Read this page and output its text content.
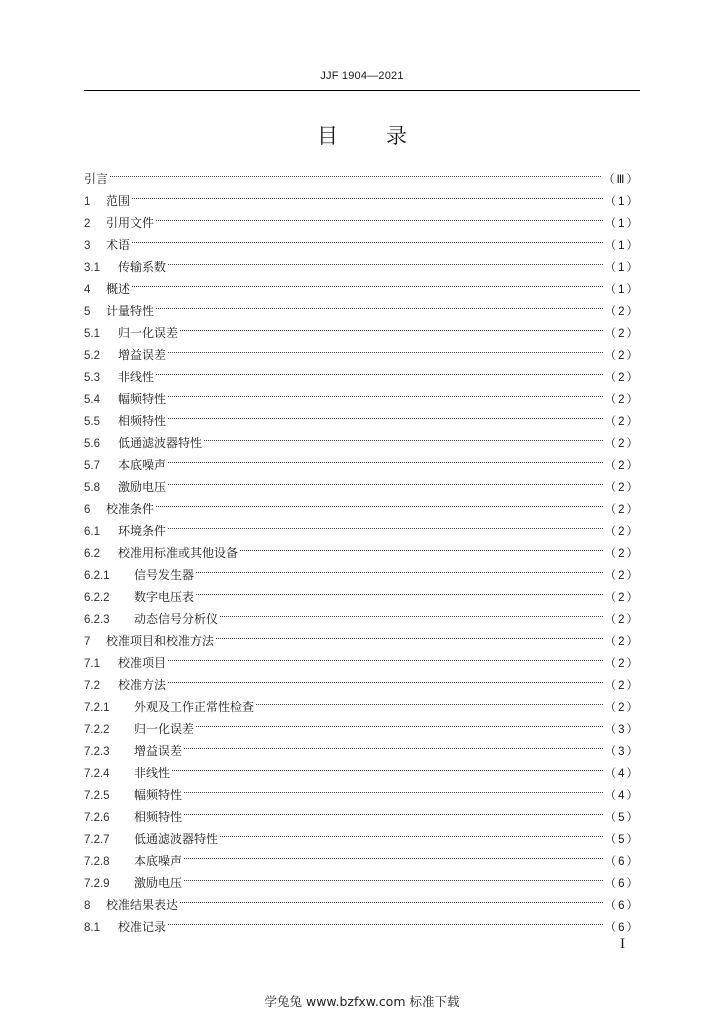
JJF 1904—2021
目录
引言	（Ⅲ）
1	范围	（1）
2	引用文件	（1）
3	术语	（1）
3.1	传输系数	（1）
4	概述	（1）
5	计量特性	（2）
5.1	归一化误差	（2）
5.2	增益误差	（2）
5.3	非线性	（2）
5.4	幅频特性	（2）
5.5	相频特性	（2）
5.6	低通滤波器特性	（2）
5.7	本底噪声	（2）
5.8	激励电压	（2）
6	校准条件	（2）
6.1	环境条件	（2）
6.2	校准用标准或其他设备	（2）
6.2.1	信号发生器	（2）
6.2.2	数字电压表	（2）
6.2.3	动态信号分析仪	（2）
7	校准项目和校准方法	（2）
7.1	校准项目	（2）
7.2	校准方法	（2）
7.2.1	外观及工作正常性检查	（2）
7.2.2	归一化误差	（3）
7.2.3	增益误差	（3）
7.2.4	非线性	（4）
7.2.5	幅频特性	（4）
7.2.6	相频特性	（5）
7.2.7	低通滤波器特性	（5）
7.2.8	本底噪声	（6）
7.2.9	激励电压	（6）
8	校准结果表达	（6）
8.1	校准记录	（6）
I
学兔兔 www.bzfxw.com 标准下载
